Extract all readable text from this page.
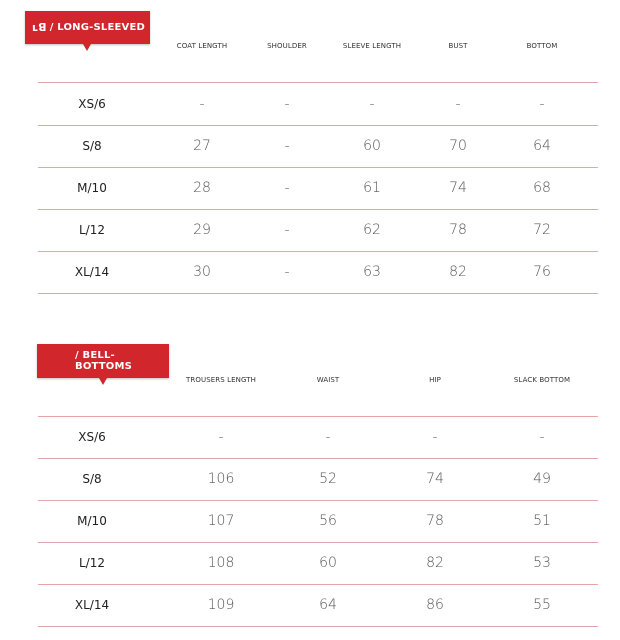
ʟꓭ / LONG-SLEEVED
COAT LENGTH	SHOULDER	SLEEVE LENGTH	BUST	BOTTOM
XS/6	-	-	-	-	-
S/8	27	-	60	70	64
M/10	28	-	61	74	68
L/12	29	-	62	78	72
XL/14	30	-	63	82	76
/ BELL-BOTTOMS
TROUSERS LENGTH	WAIST	HIP	SLACK BOTTOM
XS/6	-	-	-	-
S/8	106	52	74	49
M/10	107	56	78	51
L/12	108	60	82	53
XL/14	109	64	86	55
